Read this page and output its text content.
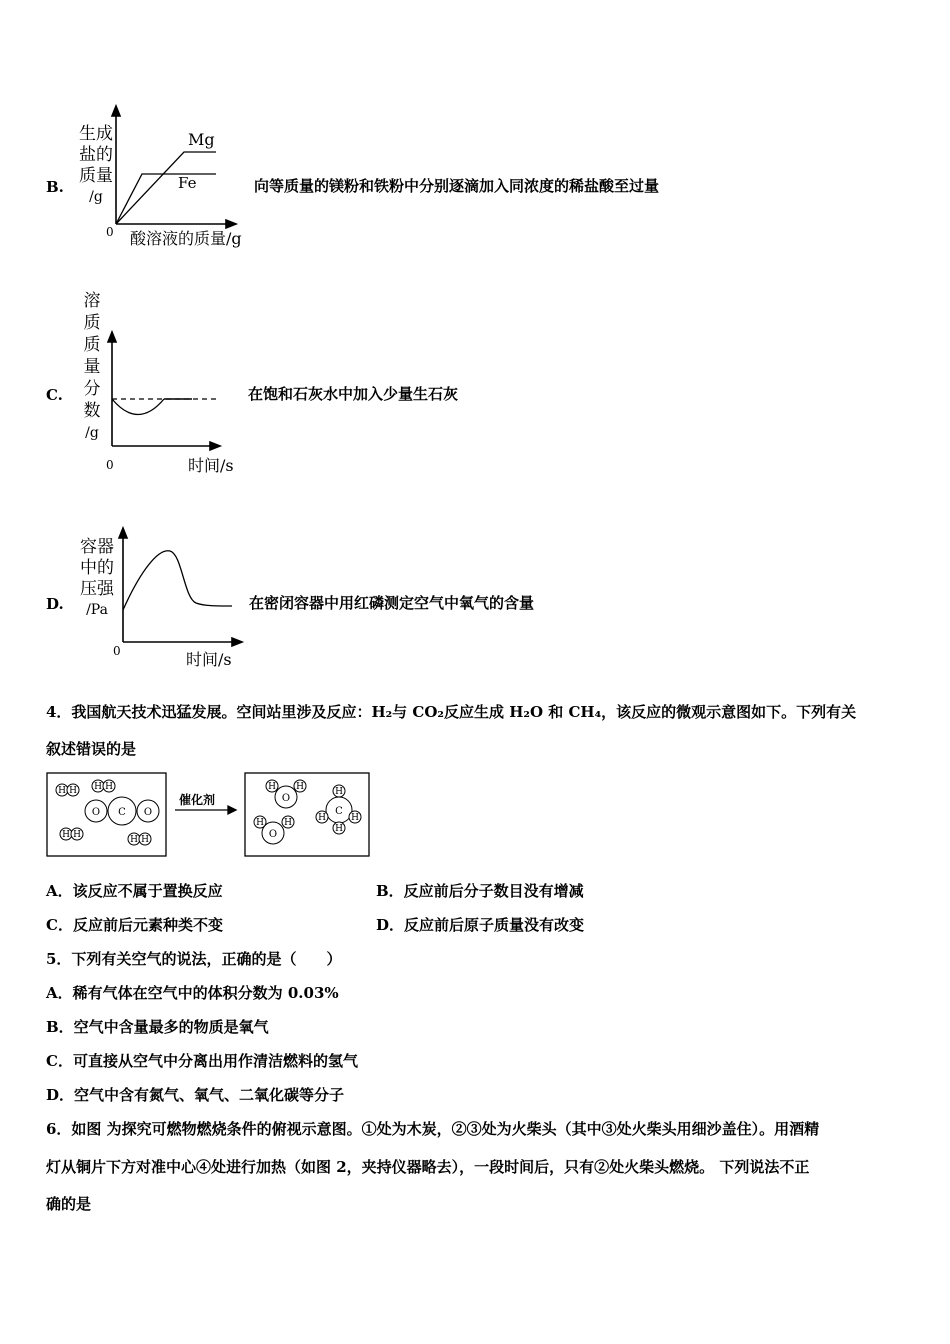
B.
生成
盐的
质量
/g
Mg
Fe
0 酸溶液的质量/g
向等质量的镁粉和铁粉中分别逐滴加入同浓度的稀盐酸至过量
C.
溶
质
质
量
分
数
/g
0	时间/s
在饱和石灰水中加入少量生石灰
D.
容器
中的
压强
/Pa
0	时间/s
在密闭容器中用红磷测定空气中氧气的含量
4．我国航天技术迅猛发展。空间站里涉及反应：H₂与 CO₂反应生成 H₂O 和 CH₄，该反应的微观示意图如下。下列有关
叙述错误的是
H H H H
H H	H H
O C O
O
H H
O
H H
C
H
H	H
H
催化剂
A．该反应不属于置换反应	B．反应前后分子数目没有增减
C．反应前后元素种类不变	D．反应前后原子质量没有改变
5．下列有关空气的说法，正确的是（　　）
A．稀有气体在空气中的体积分数为 0.03%
B．空气中含量最多的物质是氧气
C．可直接从空气中分离出用作清洁燃料的氢气
D．空气中含有氮气、氧气、二氧化碳等分子
6．如图 为探究可燃物燃烧条件的俯视示意图。①处为木炭，②③处为火柴头（其中③处火柴头用细沙盖住）。用酒精
灯从铜片下方对准中心④处进行加热（如图 2，夹持仪器略去），一段时间后，只有②处火柴头燃烧。 下列说法不正
确的是
